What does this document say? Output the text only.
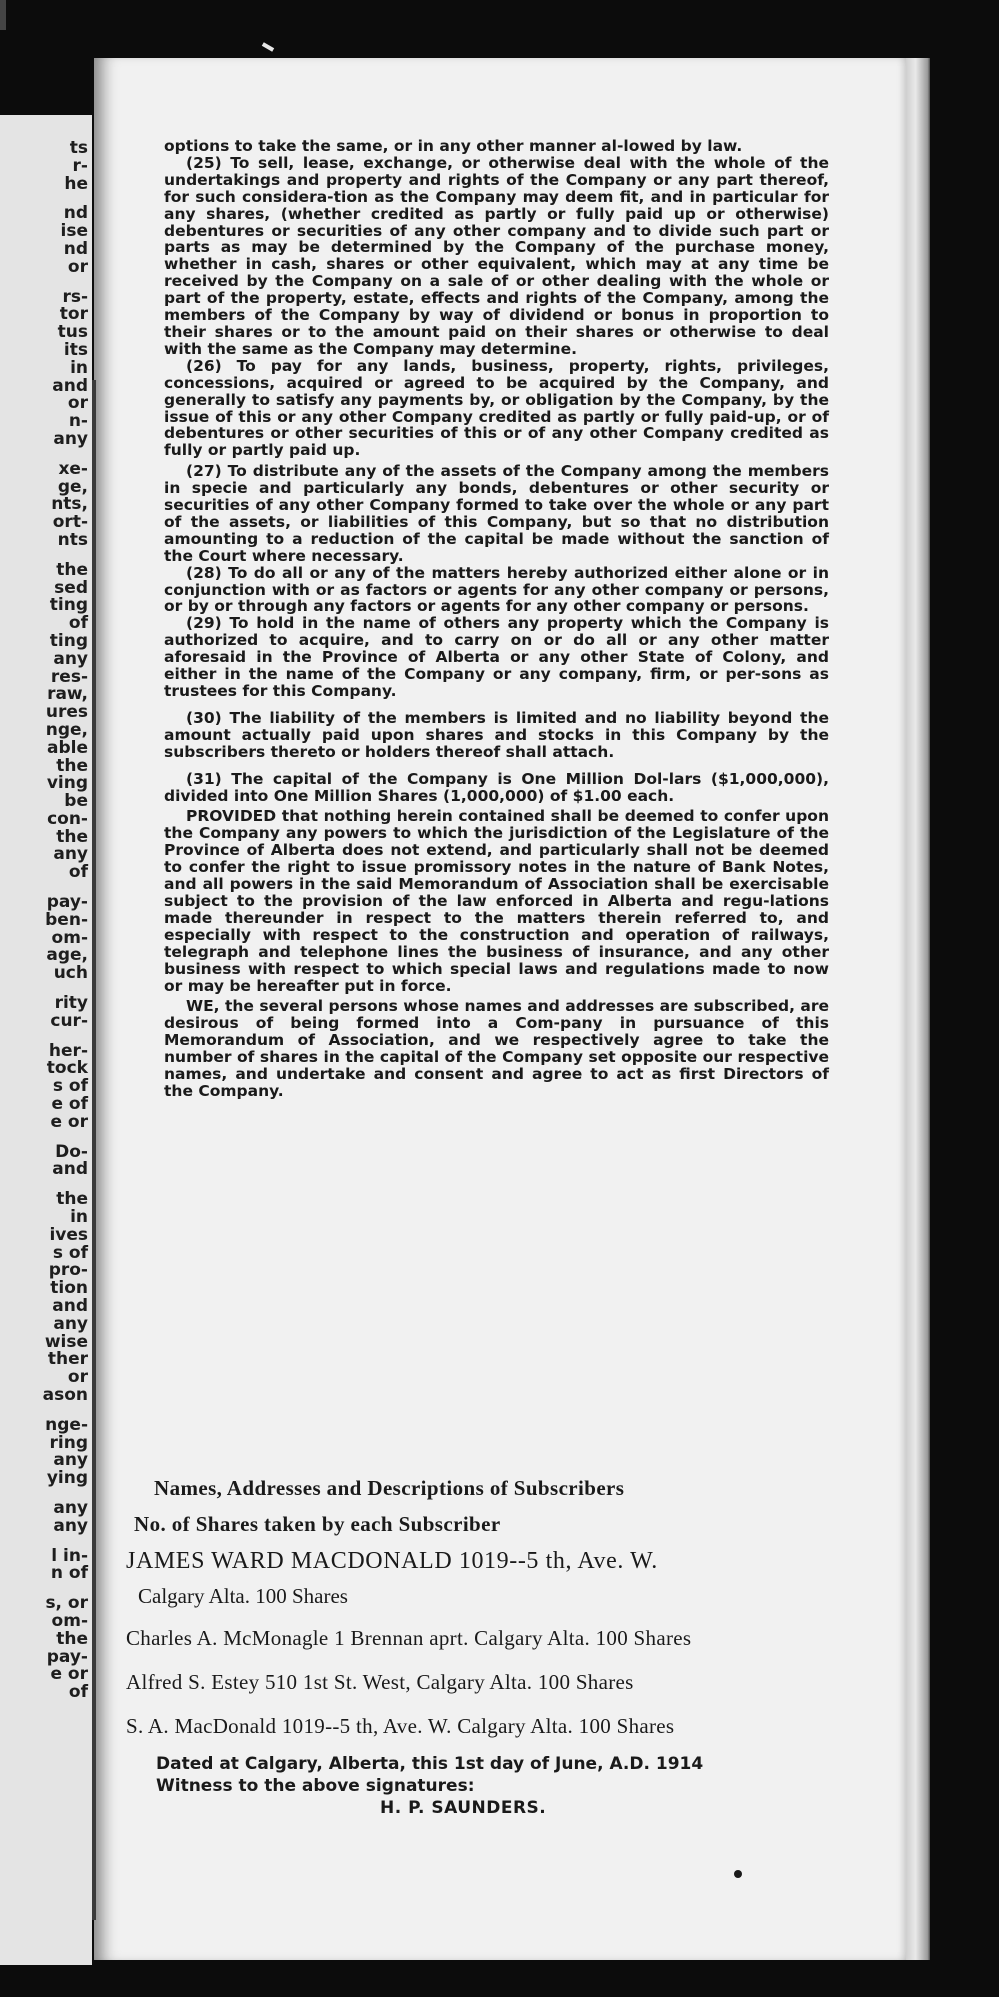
ts
r-
he
nd
ise
nd
or
rs-
tor
tus
its
in
and
or
n-
any
xe-
ge,
nts,
ort-
nts
the
sed
ting
of
ting
any
res-
raw,
ures
nge,
able
the
ving
be
con-
the
any
of
pay-
ben-
om-
age,
uch
rity
cur-
her-
tock
s of
e of
e or
Do-
and
the
in
ives
s of
pro-
tion
and
any
wise
ther
or
ason
nge-
ring
any
ying
any
any
l in-
n of
s, or
om-
the
pay-
e or
of

options to take the same, or in any other manner al-lowed by law.

(25) To sell, lease, exchange, or otherwise deal with the whole of the undertakings and property and rights of the Company or any part thereof, for such considera-tion as the Company may deem fit, and in particular for any shares, (whether credited as partly or fully paid up or otherwise) debentures or securities of any other company and to divide such part or parts as may be determined by the Company of the purchase money, whether in cash, shares or other equivalent, which may at any time be received by the Company on a sale of or other dealing with the whole or part of the property, estate, effects and rights of the Company, among the members of the Company by way of dividend or bonus in proportion to their shares or to the amount paid on their shares or otherwise to deal with the same as the Company may determine.

(26) To pay for any lands, business, property, rights, privileges, concessions, acquired or agreed to be acquired by the Company, and generally to satisfy any payments by, or obligation by the Company, by the issue of this or any other Company credited as partly or fully paid-up, or of debentures or other securities of this or of any other Company credited as fully or partly paid up.

(27) To distribute any of the assets of the Company among the members in specie and particularly any bonds, debentures or other security or securities of any other Company formed to take over the whole or any part of the assets, or liabilities of this Company, but so that no distribution amounting to a reduction of the capital be made without the sanction of the Court where necessary.

(28) To do all or any of the matters hereby authorized either alone or in conjunction with or as factors or agents for any other company or persons, or by or through any factors or agents for any other company or persons.

(29) To hold in the name of others any property which the Company is authorized to acquire, and to carry on or do all or any other matter aforesaid in the Province of Alberta or any other State of Colony, and either in the name of the Company or any company, firm, or per-sons as trustees for this Company.

(30) The liability of the members is limited and no liability beyond the amount actually paid upon shares and stocks in this Company by the subscribers thereto or holders thereof shall attach.

(31) The capital of the Company is One Million Dol-lars ($1,000,000), divided into One Million Shares (1,000,000) of $1.00 each.

PROVIDED that nothing herein contained shall be deemed to confer upon the Company any powers to which the jurisdiction of the Legislature of the Province of Alberta does not extend, and particularly shall not be deemed to confer the right to issue promissory notes in the nature of Bank Notes, and all powers in the said Memorandum of Association shall be exercisable subject to the provision of the law enforced in Alberta and regu-lations made thereunder in respect to the matters therein referred to, and especially with respect to the construction and operation of railways, telegraph and telephone lines the business of insurance, and any other business with respect to which special laws and regulations made to now or may be hereafter put in force.

WE, the several persons whose names and addresses are subscribed, are desirous of being formed into a Com-pany in pursuance of this Memorandum of Association, and we respectively agree to take the number of shares in the capital of the Company set opposite our respective names, and undertake and consent and agree to act as first Directors of the Company.

Names, Addresses and Descriptions of Subscribers
No. of Shares taken by each Subscriber
JAMES WARD MACDONALD 1019--5 th, Ave. W.
Calgary Alta. 100 Shares
Charles A. McMonagle 1 Brennan aprt. Calgary Alta. 100 Shares
Alfred S. Estey 510 1st St. West, Calgary Alta. 100 Shares
S. A. MacDonald 1019--5 th, Ave. W. Calgary Alta. 100 Shares
Dated at Calgary, Alberta, this 1st day of June, A.D. 1914
Witness to the above signatures:
H. P. SAUNDERS.
